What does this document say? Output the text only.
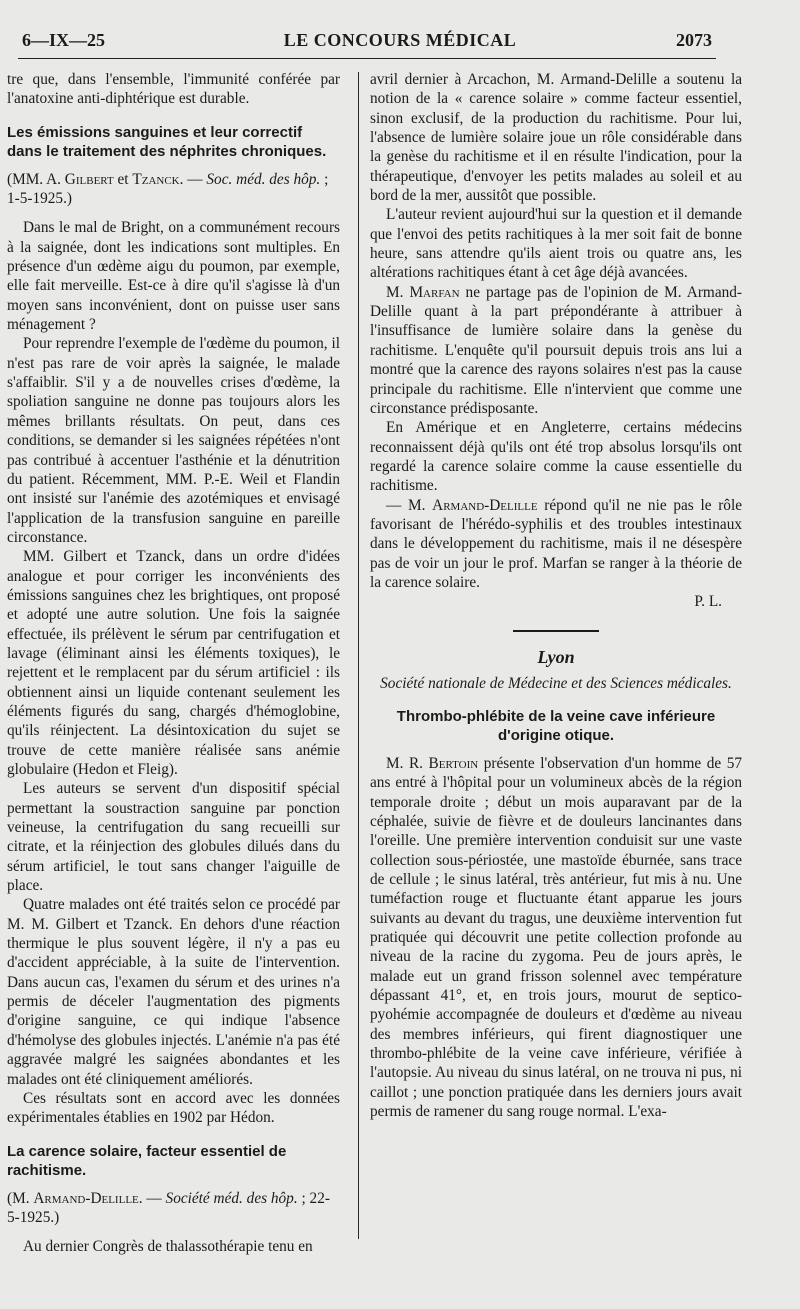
6—IX—25	LE CONCOURS MÉDICAL	2073

tre que, dans l'ensemble, l'immunité conférée par l'anatoxine anti-diphtérique est durable.

Les émissions sanguines et leur correctif dans le traitement des néphrites chroniques.

(MM. A. Gilbert et Tzanck. — Soc. méd. des hôp. ; 1-5-1925.)

Dans le mal de Bright, on a communément recours à la saignée, dont les indications sont multiples. En présence d'un œdème aigu du poumon, par exemple, elle fait merveille. Est-ce à dire qu'il s'agisse là d'un moyen sans inconvénient, dont on puisse user sans ménagement ?

Pour reprendre l'exemple de l'œdème du poumon, il n'est pas rare de voir après la saignée, le malade s'affaiblir. S'il y a de nouvelles crises d'œdème, la spoliation sanguine ne donne pas toujours alors les mêmes brillants résultats. On peut, dans ces conditions, se demander si les saignées répétées n'ont pas contribué à accentuer l'asthénie et la dénutrition du patient. Récemment, MM. P.-E. Weil et Flandin ont insisté sur l'anémie des azotémiques et envisagé l'application de la transfusion sanguine en pareille circonstance.

MM. Gilbert et Tzanck, dans un ordre d'idées analogue et pour corriger les inconvénients des émissions sanguines chez les brightiques, ont proposé et adopté une autre solution. Une fois la saignée effectuée, ils prélèvent le sérum par centrifugation et lavage (éliminant ainsi les éléments toxiques), le rejettent et le remplacent par du sérum artificiel : ils obtiennent ainsi un liquide contenant seulement les éléments figurés du sang, chargés d'hémoglobine, qu'ils réinjectent. La désintoxication du sujet se trouve de cette manière réalisée sans anémie globulaire (Hedon et Fleig).

Les auteurs se servent d'un dispositif spécial permettant la soustraction sanguine par ponction veineuse, la centrifugation du sang recueilli sur citrate, et la réinjection des globules dilués dans du sérum artificiel, le tout sans changer l'aiguille de place.

Quatre malades ont été traités selon ce procédé par M. M. Gilbert et Tzanck. En dehors d'une réaction thermique le plus souvent légère, il n'y a pas eu d'accident appréciable, à la suite de l'intervention. Dans aucun cas, l'examen du sérum et des urines n'a permis de déceler l'augmentation des pigments d'origine sanguine, ce qui indique l'absence d'hémolyse des globules injectés. L'anémie n'a pas été aggravée malgré les saignées abondantes et les malades ont été cliniquement améliorés.

Ces résultats sont en accord avec les données expérimentales établies en 1902 par Hédon.

La carence solaire, facteur essentiel de rachitisme.

(M. Armand-Delille. — Société méd. des hôp. ; 22-5-1925.)

Au dernier Congrès de thalassothérapie tenu en

avril dernier à Arcachon, M. Armand-Delille a soutenu la notion de la « carence solaire » comme facteur essentiel, sinon exclusif, de la production du rachitisme. Pour lui, l'absence de lumière solaire joue un rôle considérable dans la genèse du rachitisme et il en résulte l'indication, pour la thérapeutique, d'envoyer les petits malades au soleil et au bord de la mer, aussitôt que possible.

L'auteur revient aujourd'hui sur la question et il demande que l'envoi des petits rachitiques à la mer soit fait de bonne heure, sans attendre qu'ils aient trois ou quatre ans, les altérations rachitiques étant à cet âge déjà avancées.

M. Marfan ne partage pas de l'opinion de M. Armand-Delille quant à la part prépondérante à attribuer à l'insuffisance de lumière solaire dans la genèse du rachitisme. L'enquête qu'il poursuit depuis trois ans lui a montré que la carence des rayons solaires n'est pas la cause principale du rachitisme. Elle n'intervient que comme une circonstance prédisposante.

En Amérique et en Angleterre, certains médecins reconnaissent déjà qu'ils ont été trop absolus lorsqu'ils ont regardé la carence solaire comme la cause essentielle du rachitisme.

— M. Armand-Delille répond qu'il ne nie pas le rôle favorisant de l'hérédo-syphilis et des troubles intestinaux dans le développement du rachitisme, mais il ne désespère pas de voir un jour le prof. Marfan se ranger à la théorie de la carence solaire.

P. L.

Lyon
Société nationale de Médecine et des Sciences médicales.
Thrombo-phlébite de la veine cave inférieure d'origine otique.

M. R. Bertoin présente l'observation d'un homme de 57 ans entré à l'hôpital pour un volumineux abcès de la région temporale droite ; début un mois auparavant par de la céphalée, suivie de fièvre et de douleurs lancinantes dans l'oreille. Une première intervention conduisit sur une vaste collection sous-périostée, une mastoïde éburnée, sans trace de cellule ; le sinus latéral, très antérieur, fut mis à nu. Une tuméfaction rouge et fluctuante étant apparue les jours suivants au devant du tragus, une deuxième intervention fut pratiquée qui découvrit une petite collection profonde au niveau de la racine du zygoma. Peu de jours après, le malade eut un grand frisson solennel avec température dépassant 41°, et, en trois jours, mourut de septico-pyohémie accompagnée de douleurs et d'œdème au niveau des membres inférieurs, qui firent diagnostiquer une thrombo-phlébite de la veine cave inférieure, vérifiée à l'autopsie. Au niveau du sinus latéral, on ne trouva ni pus, ni caillot ; une ponction pratiquée dans les derniers jours avait permis de ramener du sang rouge normal. L'exa-
